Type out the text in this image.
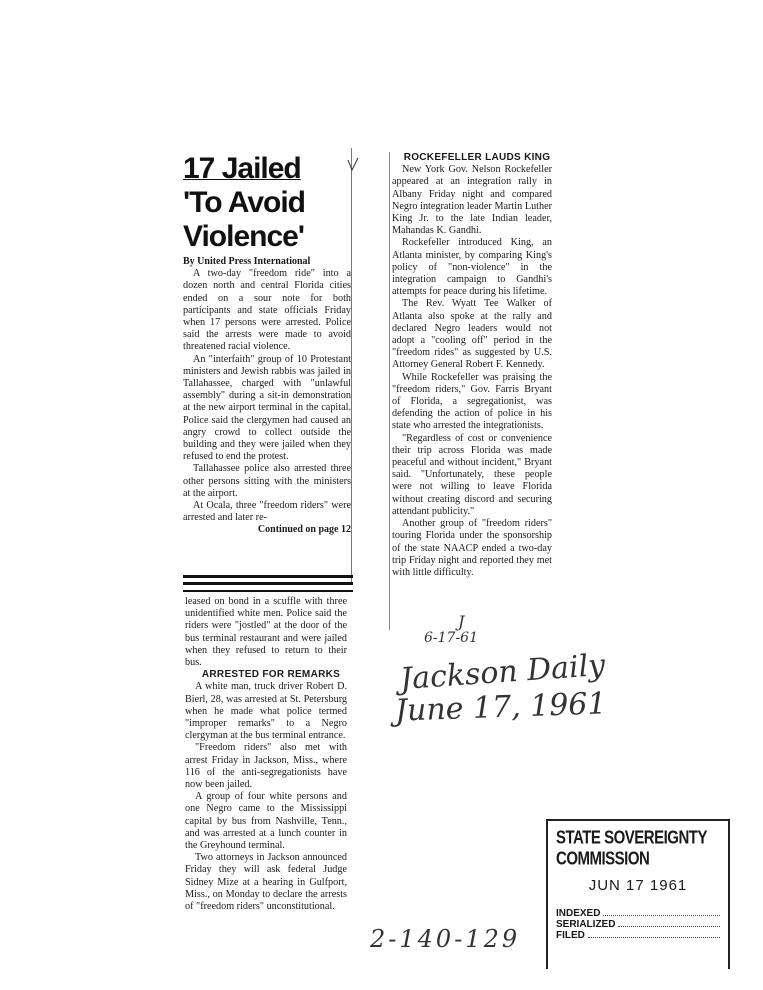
17 Jailed

'To Avoid

Violence'

By United Press International

A two-day "freedom ride" into a dozen north and central Florida cities ended on a sour note for both participants and state officials Friday when 17 persons were arrested. Police said the arrests were made to avoid threatened racial violence.

An "interfaith" group of 10 Protestant ministers and Jewish rabbis was jailed in Tallahassee, charged with "unlawful assembly" during a sit-in demonstration at the new airport terminal in the capital. Police said the clergymen had caused an angry crowd to collect outside the building and they were jailed when they refused to end the protest.

Tallahassee police also arrested three other persons sitting with the ministers at the airport.

At Ocala, three "freedom riders" were arrested and later re-

Continued on page 12

leased on bond in a scuffle with three unidentified white men. Police said the riders were "jostled" at the door of the bus terminal restaurant and were jailed when they refused to return to their bus.

ARRESTED FOR REMARKS

A white man, truck driver Robert D. Bierl, 28, was arrested at St. Petersburg when he made what police termed "improper remarks" to a Negro clergyman at the bus terminal entrance.

"Freedom riders" also met with arrest Friday in Jackson, Miss., where 116 of the anti-segregationists have now been jailed.

A group of four white persons and one Negro came to the Mississippi capital by bus from Nashville, Tenn., and was arrested at a lunch counter in the Greyhound terminal.

Two attorneys in Jackson announced Friday they will ask federal Judge Sidney Mize at a hearing in Gulfport, Miss., on Monday to declare the arrests of "freedom riders" unconstitutional.

ROCKEFELLER LAUDS KING

New York Gov. Nelson Rockefeller appeared at an integration rally in Albany Friday night and compared Negro integration leader Martin Luther King Jr. to the late Indian leader, Mahandas K. Gandhi.

Rockefeller introduced King, an Atlanta minister, by comparing King's policy of "non-violence" in the integration campaign to Gandhi's attempts for peace during his lifetime.

The Rev. Wyatt Tee Walker of Atlanta also spoke at the rally and declared Negro leaders would not adopt a "cooling off" period in the "freedom rides" as suggested by U.S. Attorney General Robert F. Kennedy.

While Rockefeller was praising the "freedom riders," Gov. Farris Bryant of Florida, a segregationist, was defending the action of police in his state who arrested the integrationists.

"Regardless of cost or convenience their trip across Florida was made peaceful and without incident," Bryant said. "Unfortunately, these people were not willing to leave Florida without creating discord and securing attendant publicity."

Another group of "freedom riders" touring Florida under the sponsorship of the state NAACP ended a two-day trip Friday night and reported they met with little difficulty.

J
6-17-61
Jackson Daily
June 17, 1961
2-140-129
STATE SOVEREIGNTY COMMISSION
JUN 17 1961
INDEXED
SERIALIZED
FILED
